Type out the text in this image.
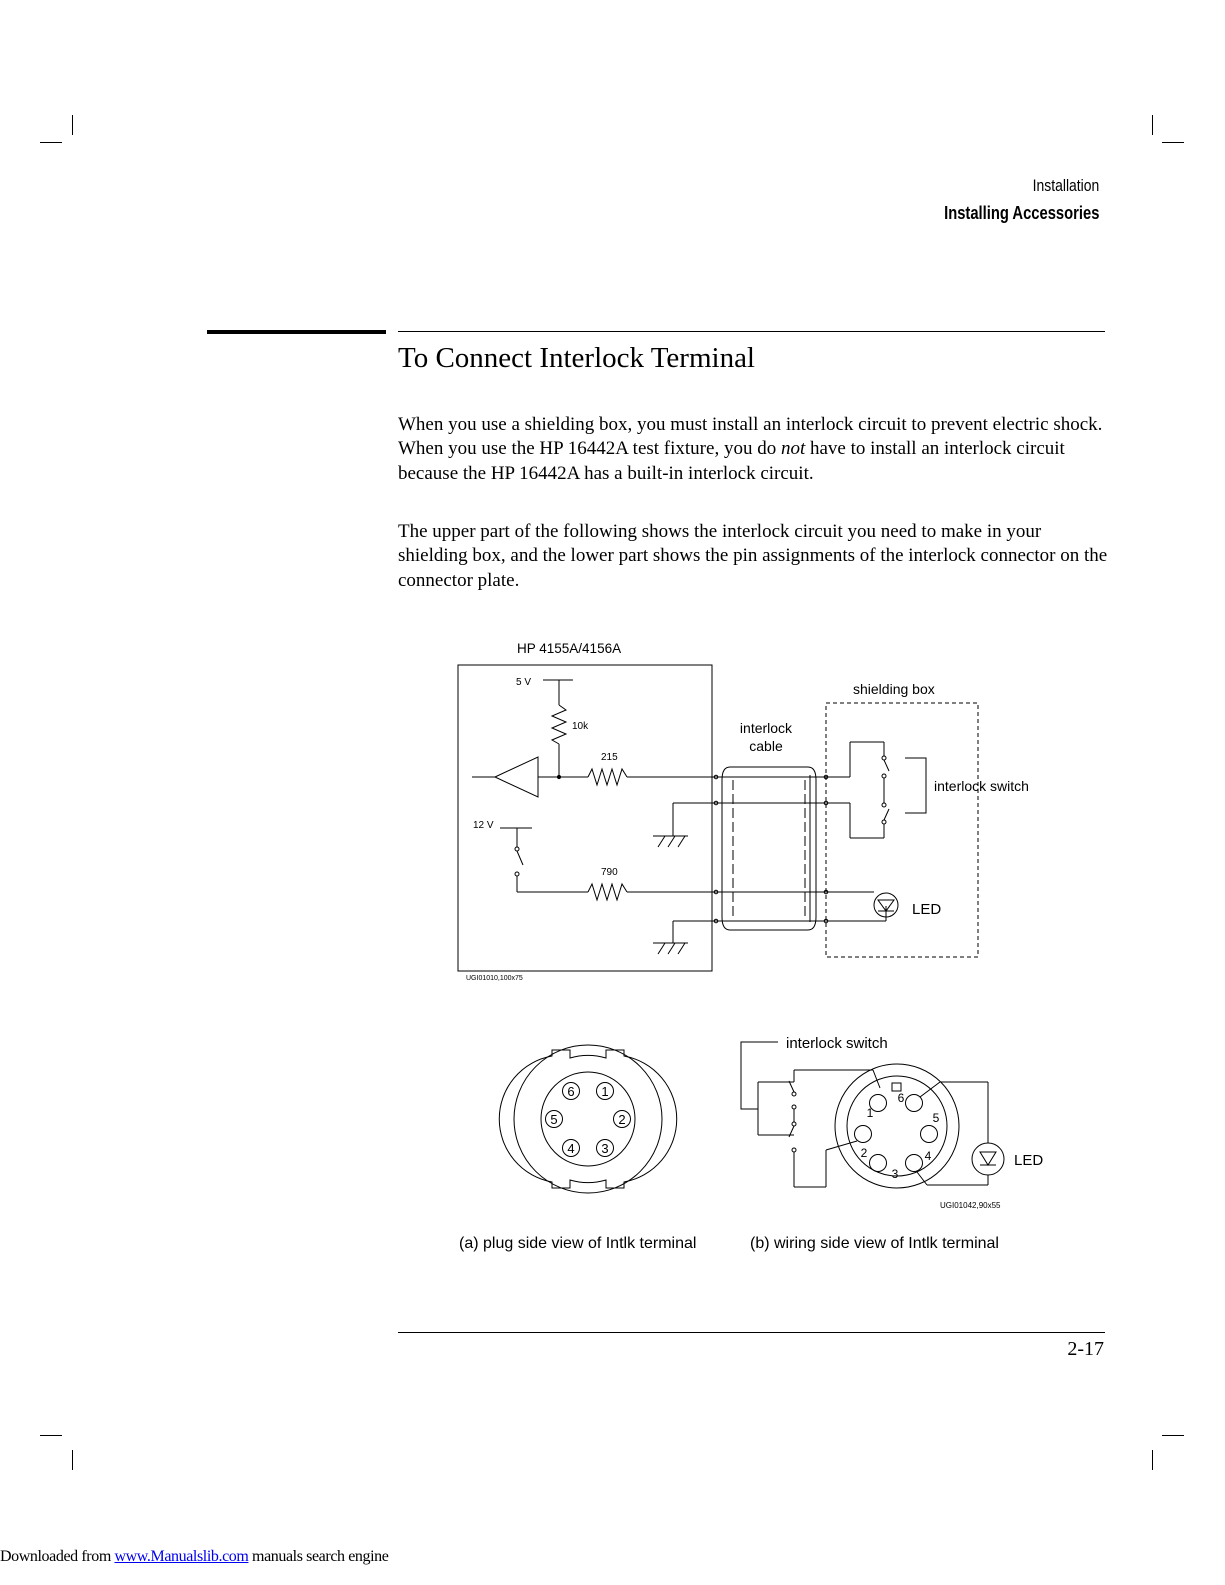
Installation
Installing Accessories
To Connect Interlock Terminal

When you use a shielding box, you must install an interlock circuit to prevent electric shock. When you use the HP 16442A test fixture, you do not have to install an interlock circuit because the HP 16442A has a built-in interlock circuit.

The upper part of the following shows the interlock circuit you need to make in your shielding box, and the lower part shows the pin assignments of the interlock connector on the connector plate.

HP 4155A/4156A
5 V
10k
215
12 V
790
interlock
cable
shielding box
interlock switch
LED
UGI01010,100x75
6 1
5	2
4 3
interlock switch
6
1	5
2	4
3
LED
UGI01042,90x55
(a) plug side view of Intlk terminal	(b) wiring side view of Intlk terminal
2-17
Downloaded from www.Manualslib.com manuals search engine
